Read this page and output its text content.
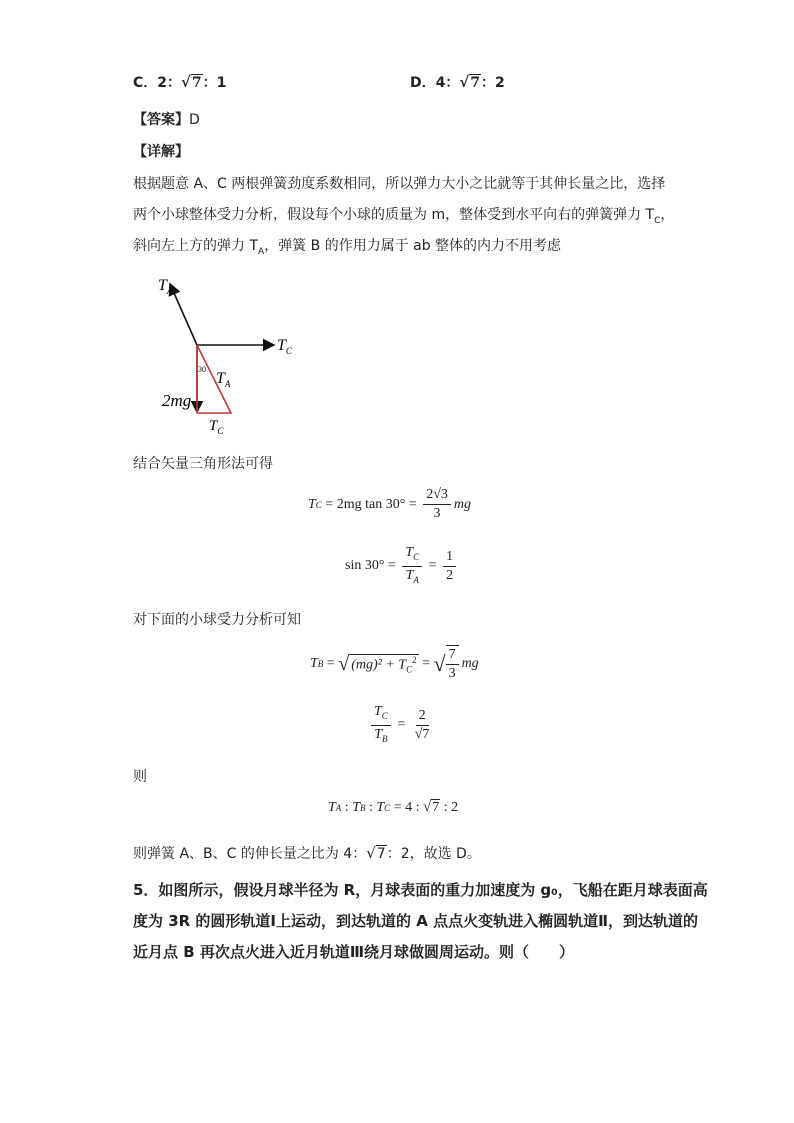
C．2：√7：1	D．4：√7：2
【答案】D
【详解】
根据题意 A、C 两根弹簧劲度系数相同，所以弹力大小之比就等于其伸长量之比，选择
两个小球整体受力分析，假设每个小球的质量为 m，整体受到水平向右的弹簧弹力 $T_C$，
斜向左上方的弹力 $T_A$，弹簧 B 的作用力属于 ab 整体的内力不用考虑
$T_A$
$T_C$
30
$T_A$
2mg
$T_C$
结合矢量三角形法可得
T C = 2mg $\tan 30^\circ = \frac{2√3}{3}$ mg
$\sin 30^\circ = \frac{T_C}{T_A} = \frac{1}{2}$
对下面的小球受力分析可知
T B = √ $(mg)^2 + T_C^2$ = √ $\frac{7}{3}$ mg
$\frac{T_C}{T_B} = \frac{2}{√7}$
则
T A : T B : T C = 4 : √7 : 2
则弹簧 A、B、C 的伸长量之比为 4：√7：2，故选 D。
5．如图所示，假设月球半径为 R，月球表面的重力加速度为 g₀，飞船在距月球表面高
度为 3R 的圆形轨道Ⅰ上运动，到达轨道的 A 点点火变轨进入椭圆轨道Ⅱ，到达轨道的
近月点 B 再次点火进入近月轨道Ⅲ绕月球做圆周运动。则（　　）
